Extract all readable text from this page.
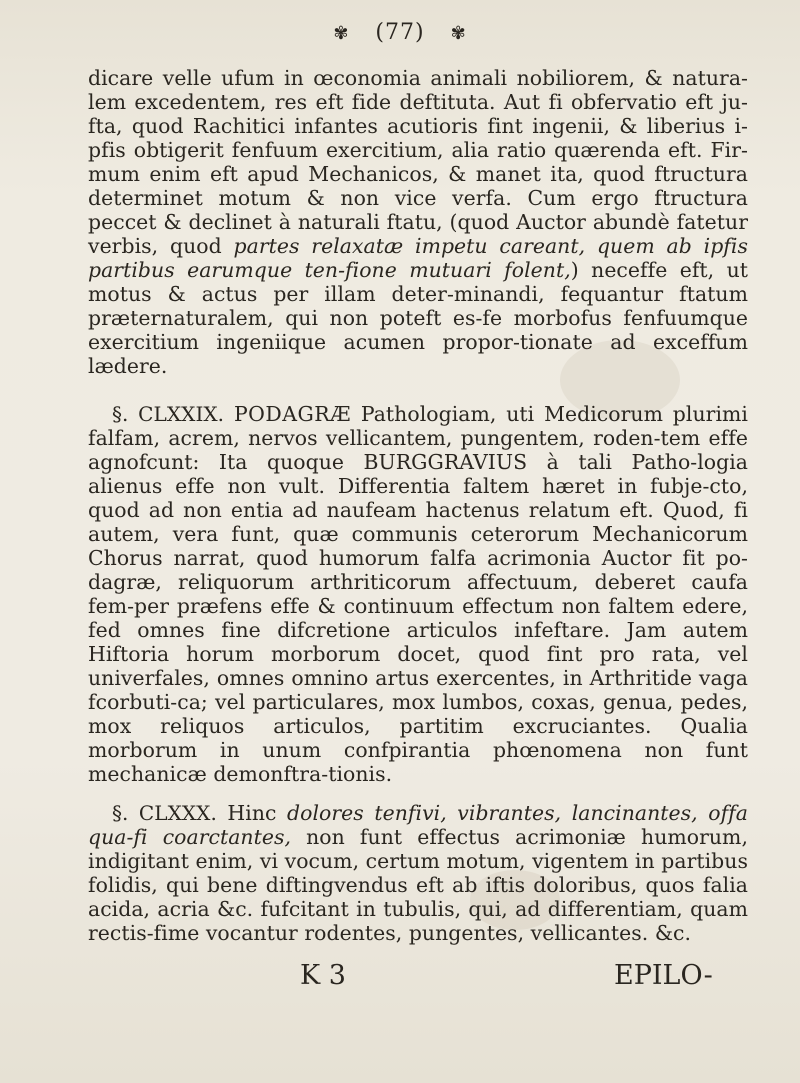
✾ (77) ✾
dicare velle ufum in œconomia animali nobiliorem, & natura-lem excedentem, res eft fide deftituta. Aut fi obfervatio eft ju-fta, quod Rachitici infantes acutioris fint ingenii, & liberius i-pfis obtigerit fenfuum exercitium, alia ratio quærenda eft. Fir-mum enim eft apud Mechanicos, & manet ita, quod ftructura determinet motum & non vice verfa. Cum ergo ftructura peccet & declinet à naturali ftatu, (quod Auctor abundè fatetur verbis, quod partes relaxatæ impetu careant, quem ab ipfis partibus earumque ten-fione mutuari folent,) neceffe eft, ut motus & actus per illam deter-minandi, fequantur ftatum præternaturalem, qui non poteft es-fe morbofus fenfuumque exercitium ingeniique acumen propor-tionate ad exceffum lædere.
§. CLXXIX. PODAGRÆ Pathologiam, uti Medicorum plurimi falfam, acrem, nervos vellicantem, pungentem, roden-tem effe agnofcunt: Ita quoque BURGGRAVIUS à tali Patho-logia alienus effe non vult. Differentia faltem hæret in fubje-cto, quod ad non entia ad naufeam hactenus relatum eft. Quod, fi autem, vera funt, quæ communis ceterorum Mechanicorum Chorus narrat, quod humorum falfa acrimonia Auctor fit po-dagræ, reliquorum arthriticorum affectuum, deberet caufa fem-per præfens effe & continuum effectum non faltem edere, fed omnes fine difcretione articulos infeftare. Jam autem Hiftoria horum morborum docet, quod fint pro rata, vel univerfales, omnes omnino artus exercentes, in Arthritide vaga fcorbuti-ca; vel particulares, mox lumbos, coxas, genua, pedes, mox reliquos articulos, partitim excruciantes. Qualia morborum in unum confpirantia phœnomena non funt mechanicæ demonftra-tionis.
§. CLXXX. Hinc dolores tenfivi, vibrantes, lancinantes, offa qua-fi coarctantes, non funt effectus acrimoniæ humorum, indigitant enim, vi vocum, certum motum, vigentem in partibus folidis, qui bene diftingvendus eft ab iftis doloribus, quos falia acida, acria &c. fufcitant in tubulis, qui, ad differentiam, quam rectis-fime vocantur rodentes, pungentes, vellicantes. &c.
K 3	EPILO-
